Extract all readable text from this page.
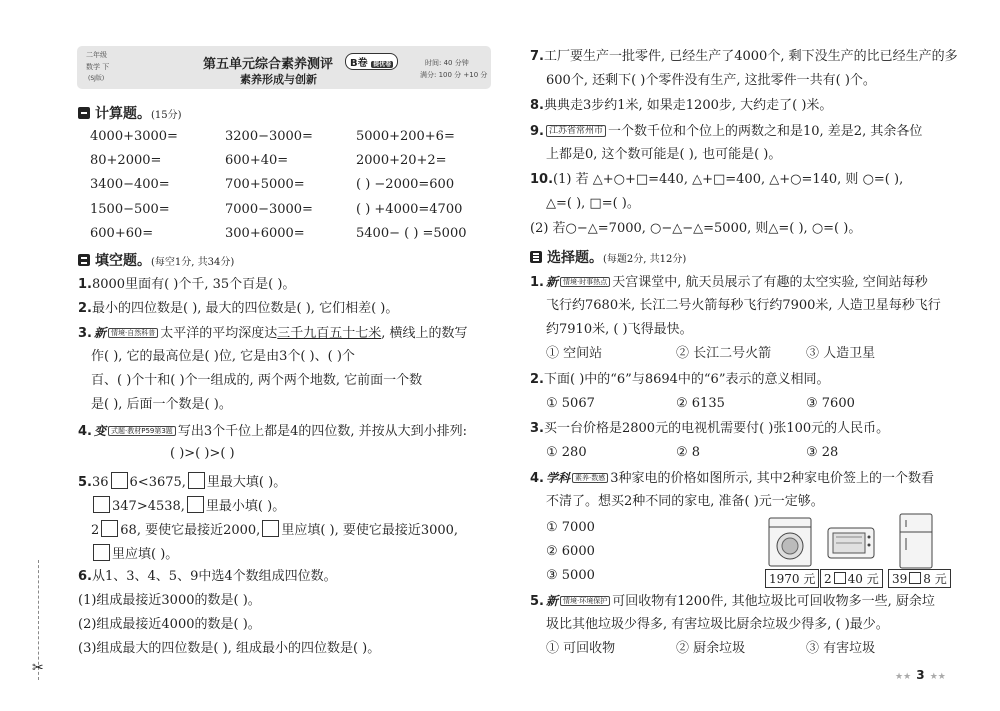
二年级
数学 下
(SJ版)
第五单元综合素养测评	B卷 提优卷
素养形成与创新
时间: 40 分钟
满分: 100 分 +10 分
计算题。(15分)
4000+3000=	3200−3000=	5000+200+6=
80+2000=	600+40=	2000+20+2=
3400−400=	700+5000=	( ) −2000=600
1500−500=	7000−3000=	( ) +4000=4700
600+60=	300+6000=	5400− ( ) =5000
填空题。(每空1分, 共34分)
1.8000里面有( )个千, 35个百是( )。
2.最小的四位数是( ), 最大的四位数是( ), 它们相差( )。
3. 新 情境·自然科普 太平洋的平均深度达三千九百五十七米, 横线上的数写
作( ), 它的最高位是( )位, 它是由3个( )、( )个
百、( )个十和( )个一组成的, 两个两个地数, 它前面一个数
是( ), 后面一个数是( )。
4. 变 式题·教材P59第3题 写出3个千位上都是4的四位数, 并按从大到小排列:
( )>( )>( )
5.36 6<3675, 里最大填( )。
347>4538, 里最小填( )。
2 68, 要使它最接近2000, 里应填( ), 要使它最接近3000,
里应填( )。
6.从1、3、4、5、9中选4个数组成四位数。
(1)组成最接近3000的数是( )。
(2)组成最接近4000的数是( )。
(3)组成最大的四位数是( ), 组成最小的四位数是( )。
✂
7.工厂要生产一批零件, 已经生产了4000个, 剩下没生产的比已经生产的多
600个, 还剩下( )个零件没有生产, 这批零件一共有( )个。
8.典典走3步约1米, 如果走1200步, 大约走了( )米。
9. 江苏省常州市 一个数千位和个位上的两数之和是10, 差是2, 其余各位
上都是0, 这个数可能是( ), 也可能是( )。
10.(1) 若 △+○+□=440, △+□=400, △+○=140, 则 ○=( ),
△=( ), □=( )。
(2) 若○−△=7000, ○−△−△=5000, 则△=( ), ○=( )。
选择题。(每题2分, 共12分)
1. 新 情境·时事热点 天宫课堂中, 航天员展示了有趣的太空实验, 空间站每秒
飞行约7680米, 长江二号火箭每秒飞行约7900米, 人造卫星每秒飞行
约7910米, ( )飞得最快。
① 空间站	② 长江二号火箭	③ 人造卫星
2.下面( )中的“6”与8694中的“6”表示的意义相同。
① 5067	② 6135	③ 7600
3.买一台价格是2800元的电视机需要付( )张100元的人民币。
① 280	② 8	③ 28
4. 学科 素养·数感 3种家电的价格如图所示, 其中2种家电价签上的一个数看
不清了。想买2种不同的家电, 准备( )元一定够。
① 7000
② 6000
③ 5000	1970 元 2 40 元	39 8 元
5. 新 情境·环境保护 可回收物有1200件, 其他垃圾比可回收物多一些, 厨余垃
圾比其他垃圾少得多, 有害垃圾比厨余垃圾少得多, ( )最少。
① 可回收物	② 厨余垃圾	③ 有害垃圾
★★ 3 ★★
